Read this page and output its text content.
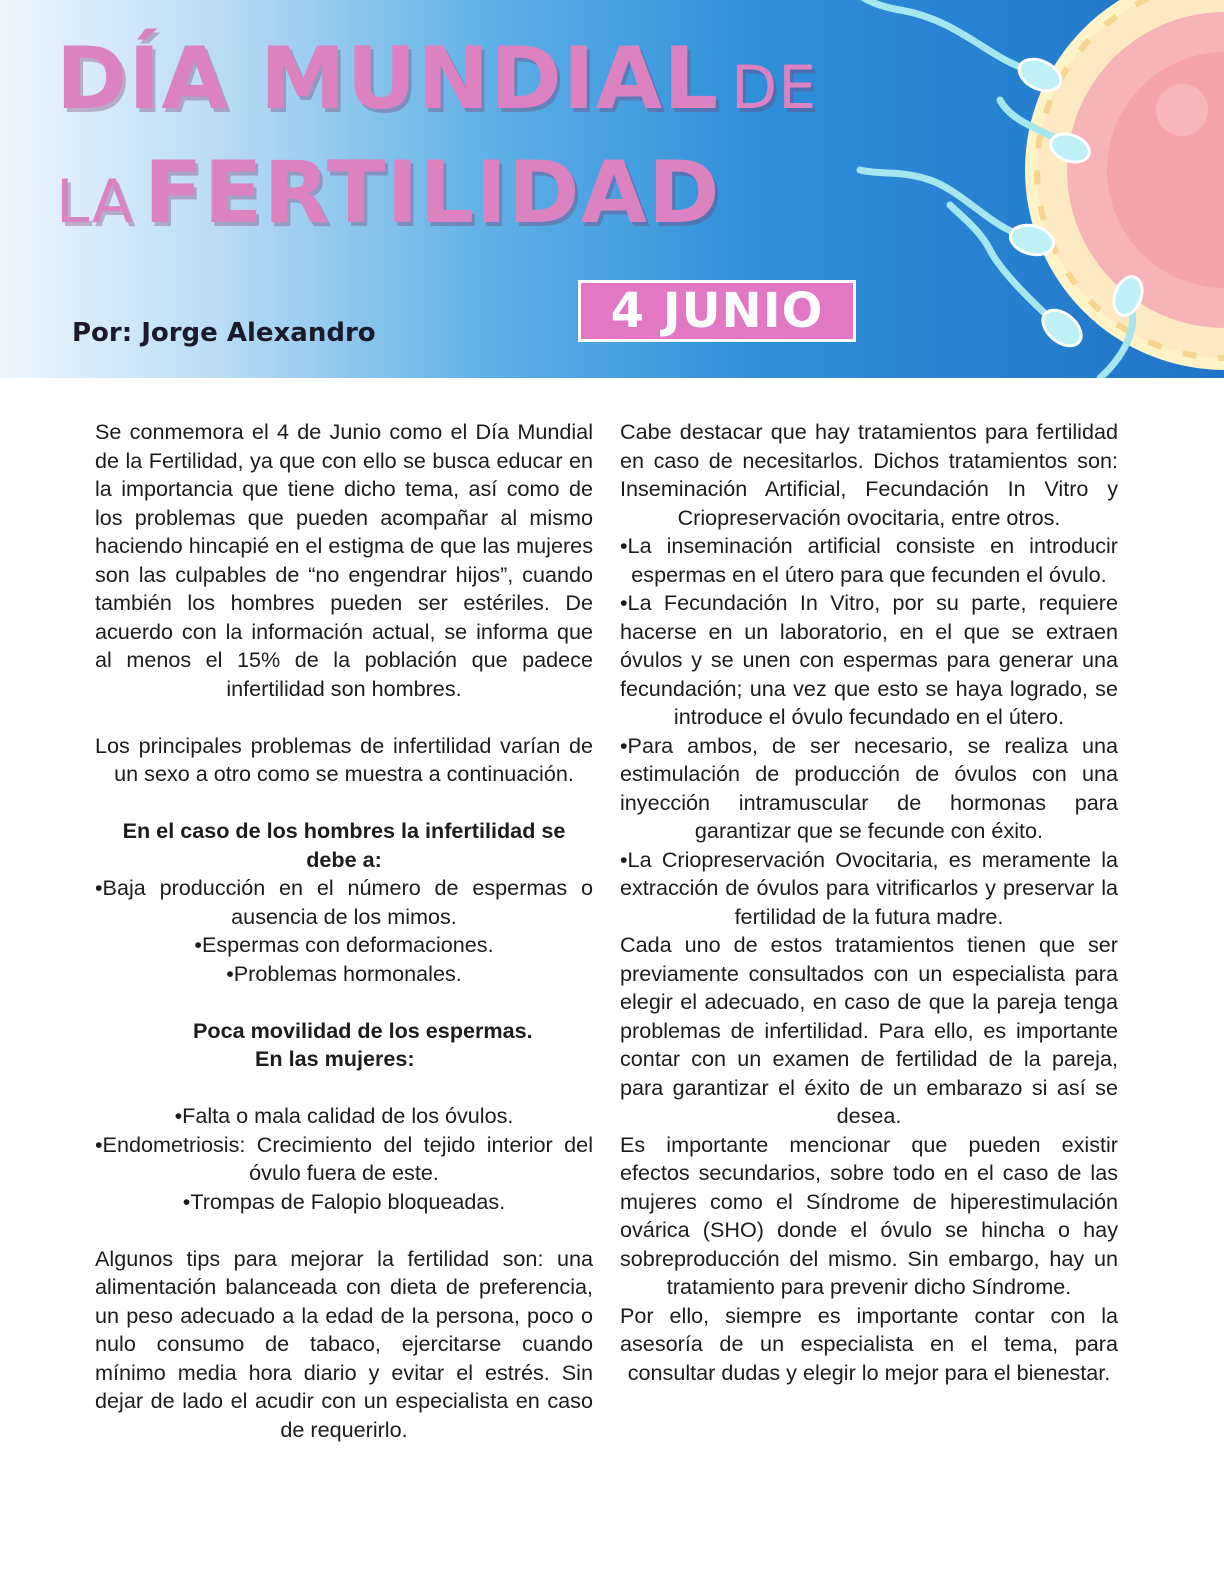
DÍA MUNDIAL DE
LA FERTILIDAD
4 JUNIO
Por: Jorge Alexandro

Se conmemora el 4 de Junio como el Día Mundial de la Fertilidad, ya que con ello se busca educar en la importancia que tiene dicho tema, así como de los problemas que pueden acompañar al mismo haciendo hincapié en el estigma de que las mujeres son las culpables de “no engendrar hijos”, cuando también los hombres pueden ser estériles. De acuerdo con la información actual, se informa que al menos el 15% de la población que padece infertilidad son hombres.

Los principales problemas de infertilidad varían de un sexo a otro como se muestra a continuación.

En el caso de los hombres la infertilidad se debe a:

•Baja producción en el número de espermas o ausencia de los mimos.

•Espermas con deformaciones.

•Problemas hormonales.

Poca movilidad de los espermas.

En las mujeres:

•Falta o mala calidad de los óvulos.

•Endometriosis: Crecimiento del tejido interior del óvulo fuera de este.

•Trompas de Falopio bloqueadas.

Algunos tips para mejorar la fertilidad son: una alimentación balanceada con dieta de preferencia, un peso adecuado a la edad de la persona, poco o nulo consumo de tabaco, ejercitarse cuando mínimo media hora diario y evitar el estrés. Sin dejar de lado el acudir con un especialista en caso de requerirlo.

Cabe destacar que hay tratamientos para fertilidad en caso de necesitarlos. Dichos tratamientos son: Inseminación Artificial, Fecundación In Vitro y Criopreservación ovocitaria, entre otros.

•La inseminación artificial consiste en introducir espermas en el útero para que fecunden el óvulo.

•La Fecundación In Vitro, por su parte, requiere hacerse en un laboratorio, en el que se extraen óvulos y se unen con espermas para generar una fecundación; una vez que esto se haya logrado, se introduce el óvulo fecundado en el útero.

•Para ambos, de ser necesario, se realiza una estimulación de producción de óvulos con una inyección intramuscular de hormonas para garantizar que se fecunde con éxito.

•La Criopreservación Ovocitaria, es meramente la extracción de óvulos para vitrificarlos y preservar la fertilidad de la futura madre.

Cada uno de estos tratamientos tienen que ser previamente consultados con un especialista para elegir el adecuado, en caso de que la pareja tenga problemas de infertilidad. Para ello, es importante contar con un examen de fertilidad de la pareja, para garantizar el éxito de un embarazo si así se desea.

Es importante mencionar que pueden existir efectos secundarios, sobre todo en el caso de las mujeres como el Síndrome de hiperestimulación ovárica (SHO) donde el óvulo se hincha o hay sobreproducción del mismo. Sin embargo, hay un tratamiento para prevenir dicho Síndrome.

Por ello, siempre es importante contar con la asesoría de un especialista en el tema, para consultar dudas y elegir lo mejor para el bienestar.
